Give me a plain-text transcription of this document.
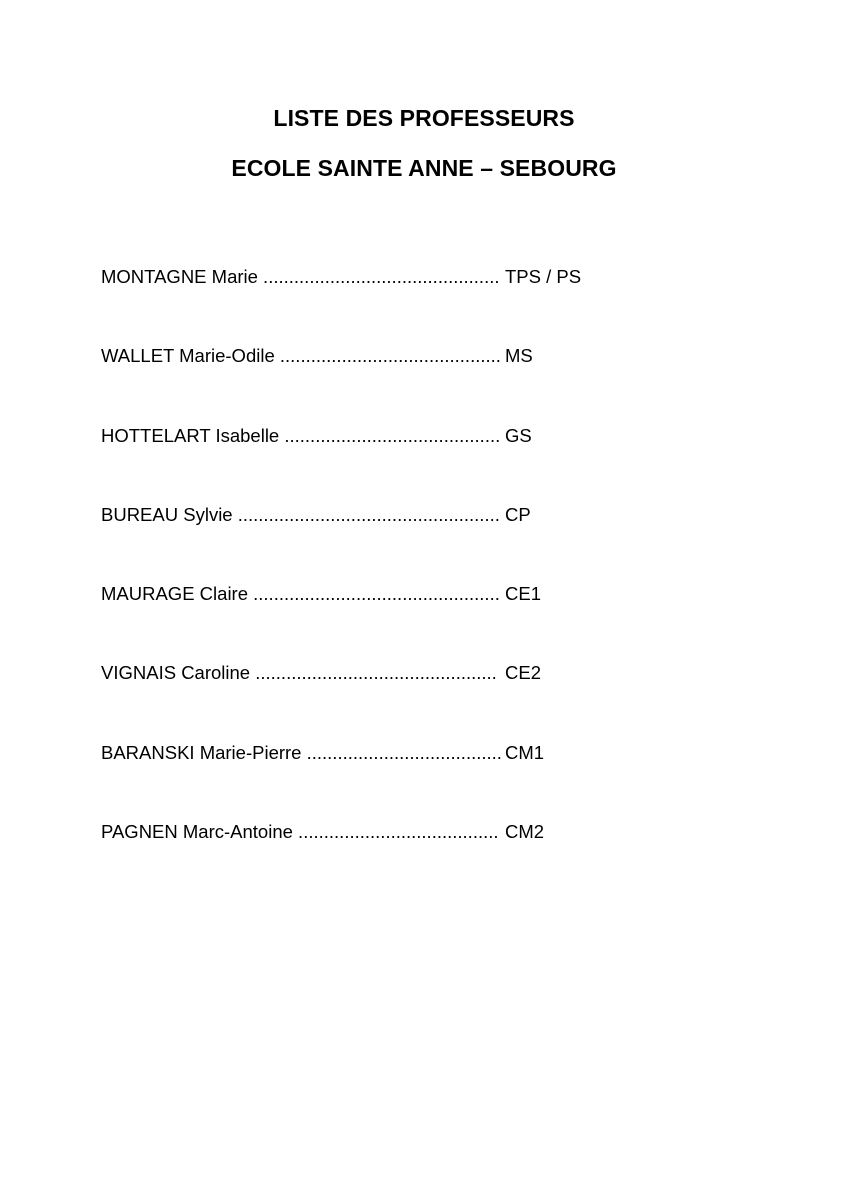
LISTE DES PROFESSEURS
ECOLE SAINTE ANNE – SEBOURG
MONTAGNE Marie .............................................. TPS / PS
WALLET Marie-Odile ........................................... MS
HOTTELART Isabelle .......................................... GS
BUREAU Sylvie ................................................... CP
MAURAGE Claire ................................................ CE1
VIGNAIS Caroline ............................................... CE2
BARANSKI Marie-Pierre ...................................... CM1
PAGNEN Marc-Antoine ....................................... CM2
